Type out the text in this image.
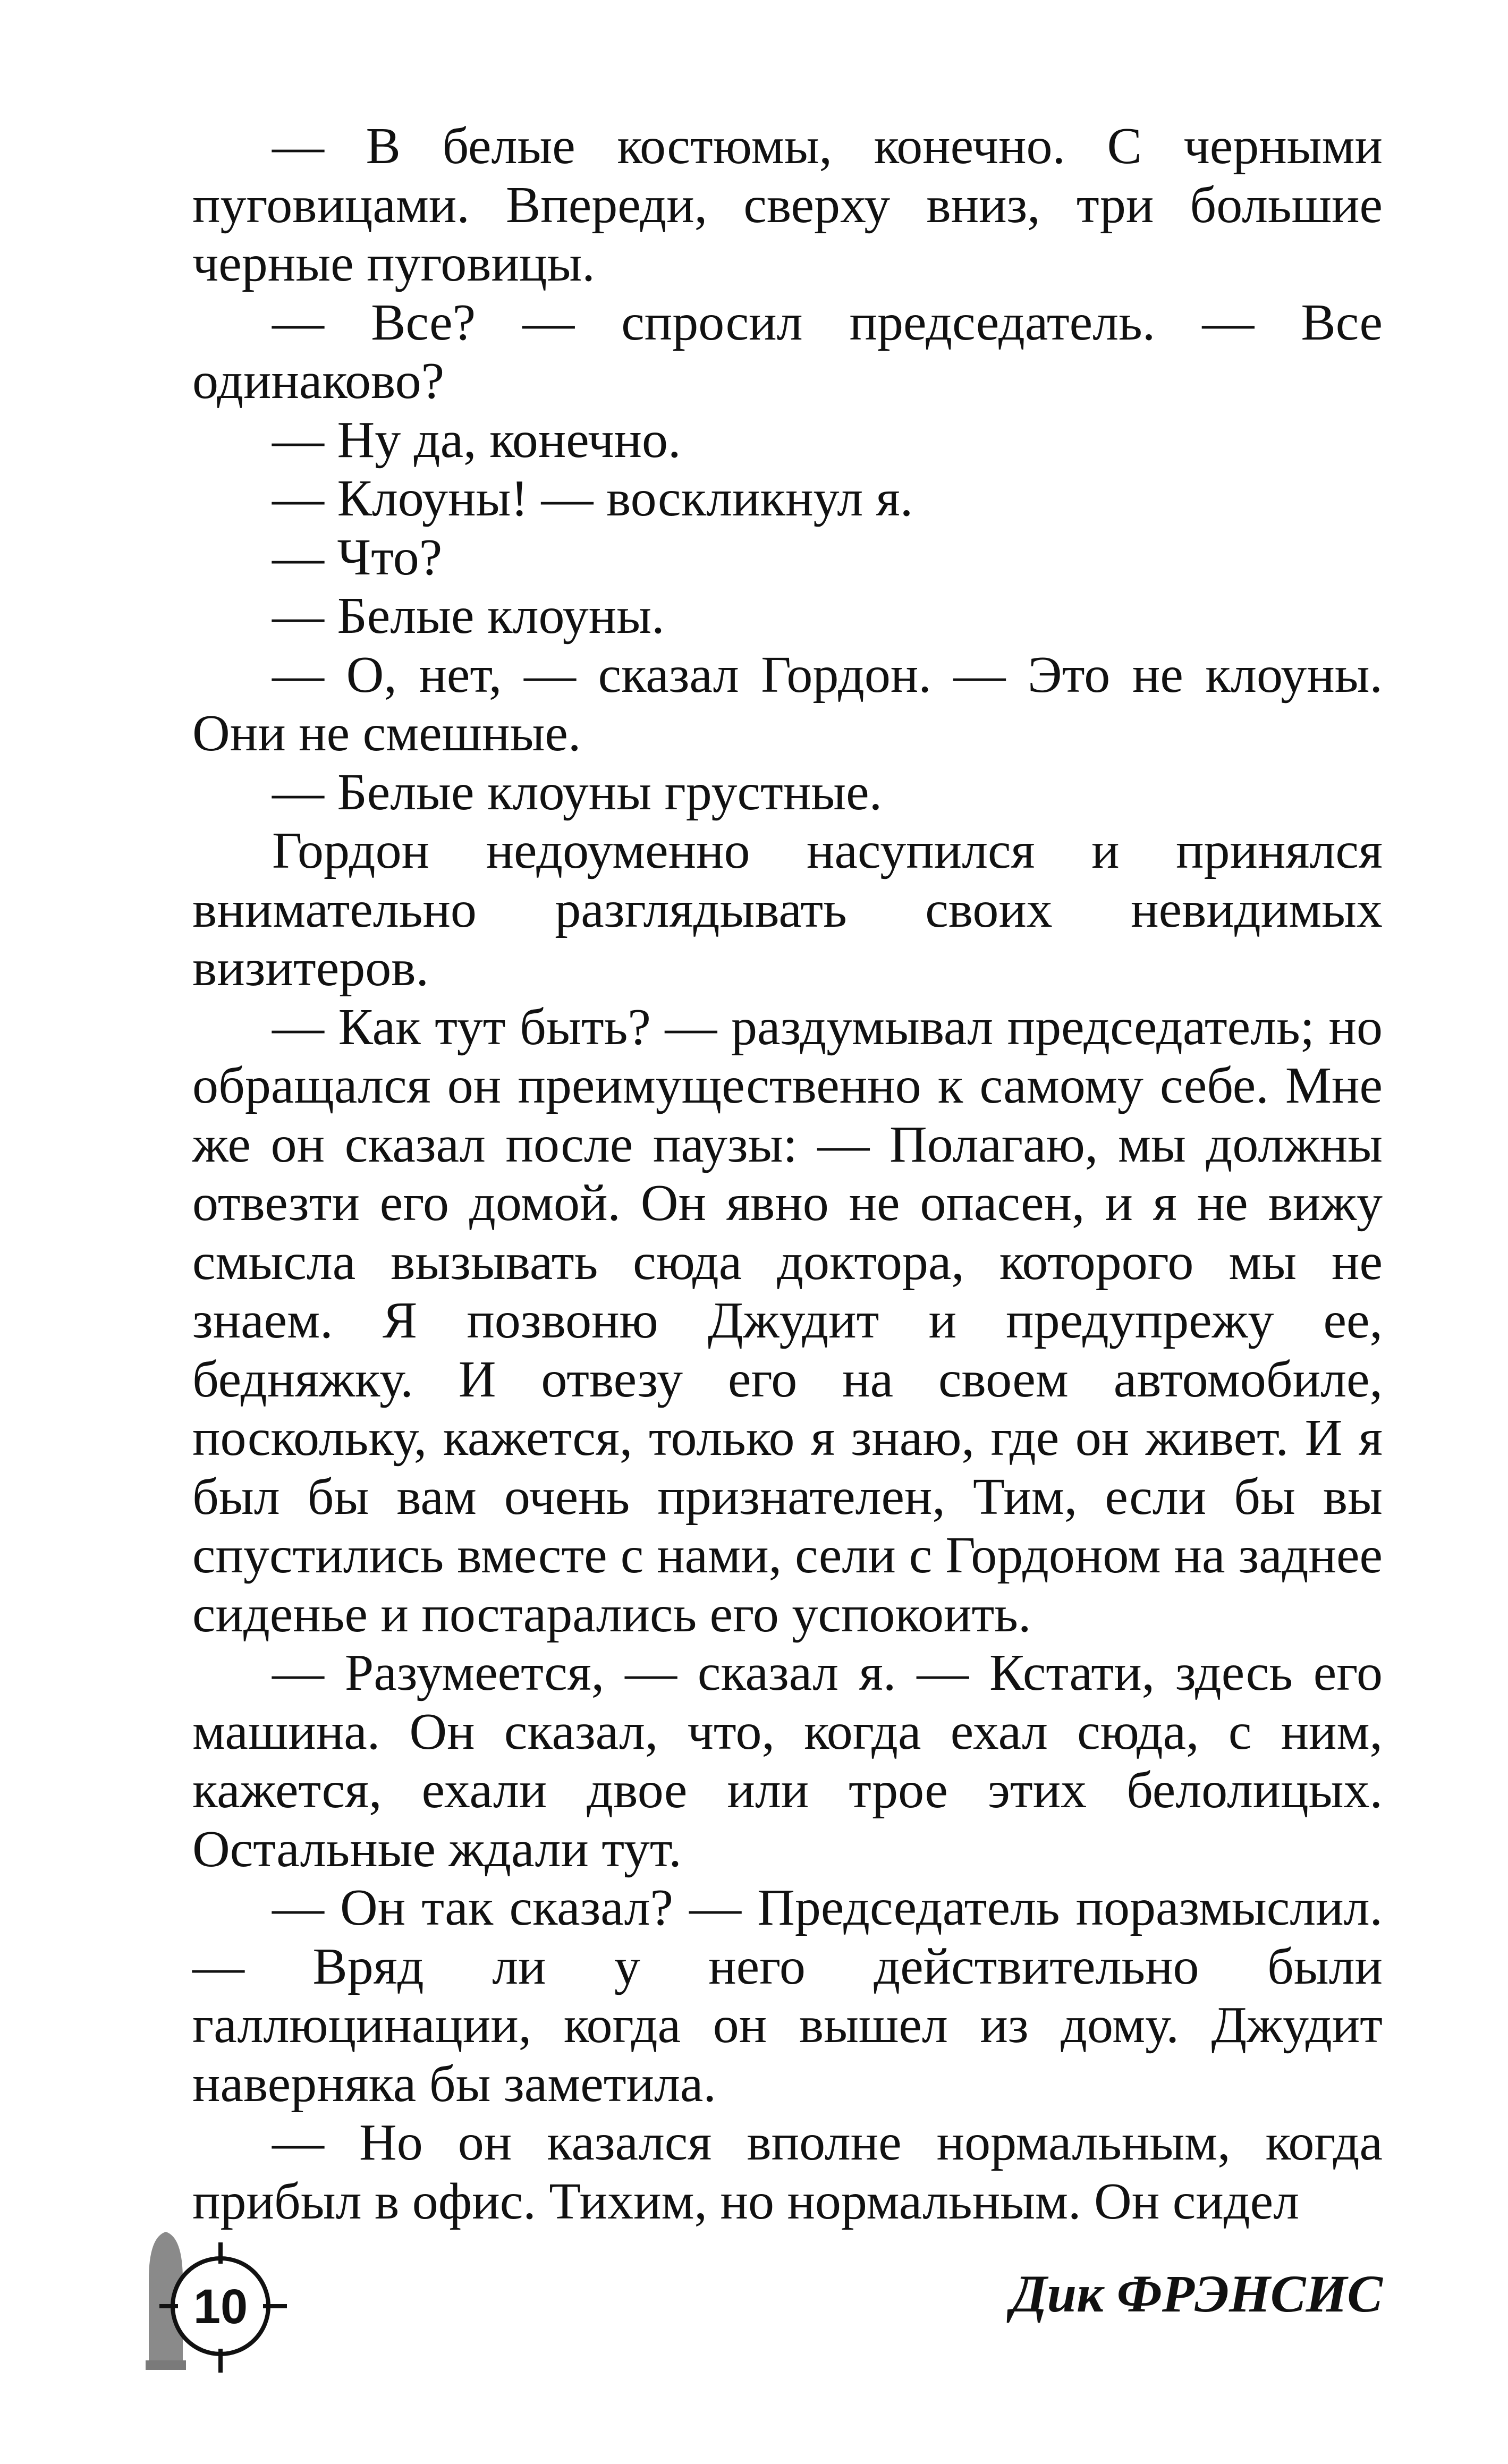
— В белые костюмы, конечно. С черными пуговицами. Впереди, сверху вниз, три большие черные пуговицы.

— Все? — спросил председатель. — Все одинаково?

— Ну да, конечно.

— Клоуны! — воскликнул я.

— Что?

— Белые клоуны.

— О, нет, — сказал Гордон. — Это не клоуны. Они не смешные.

— Белые клоуны грустные.

Гордон недоуменно насупился и принялся внимательно разглядывать своих невидимых визитеров.

— Как тут быть? — раздумывал председатель; но обращался он преимущественно к самому себе. Мне же он сказал после паузы: — Полагаю, мы должны отвезти его домой. Он явно не опасен, и я не вижу смысла вызывать сюда доктора, которого мы не знаем. Я позвоню Джудит и предупрежу ее, бедняжку. И отвезу его на своем автомобиле, поскольку, кажется, только я знаю, где он живет. И я был бы вам очень признателен, Тим, если бы вы спустились вместе с нами, сели с Гордоном на заднее сиденье и постарались его успокоить.

— Разумеется, — сказал я. — Кстати, здесь его машина. Он сказал, что, когда ехал сюда, с ним, кажется, ехали двое или трое этих белолицых. Остальные ждали тут.

— Он так сказал? — Председатель поразмыслил. — Вряд ли у него действительно были галлюцинации, когда он вышел из дому. Джудит наверняка бы заметила.

— Но он казался вполне нормальным, когда прибыл в офис. Тихим, но нормальным. Он сидел

10	Дик ФРЭНСИС
